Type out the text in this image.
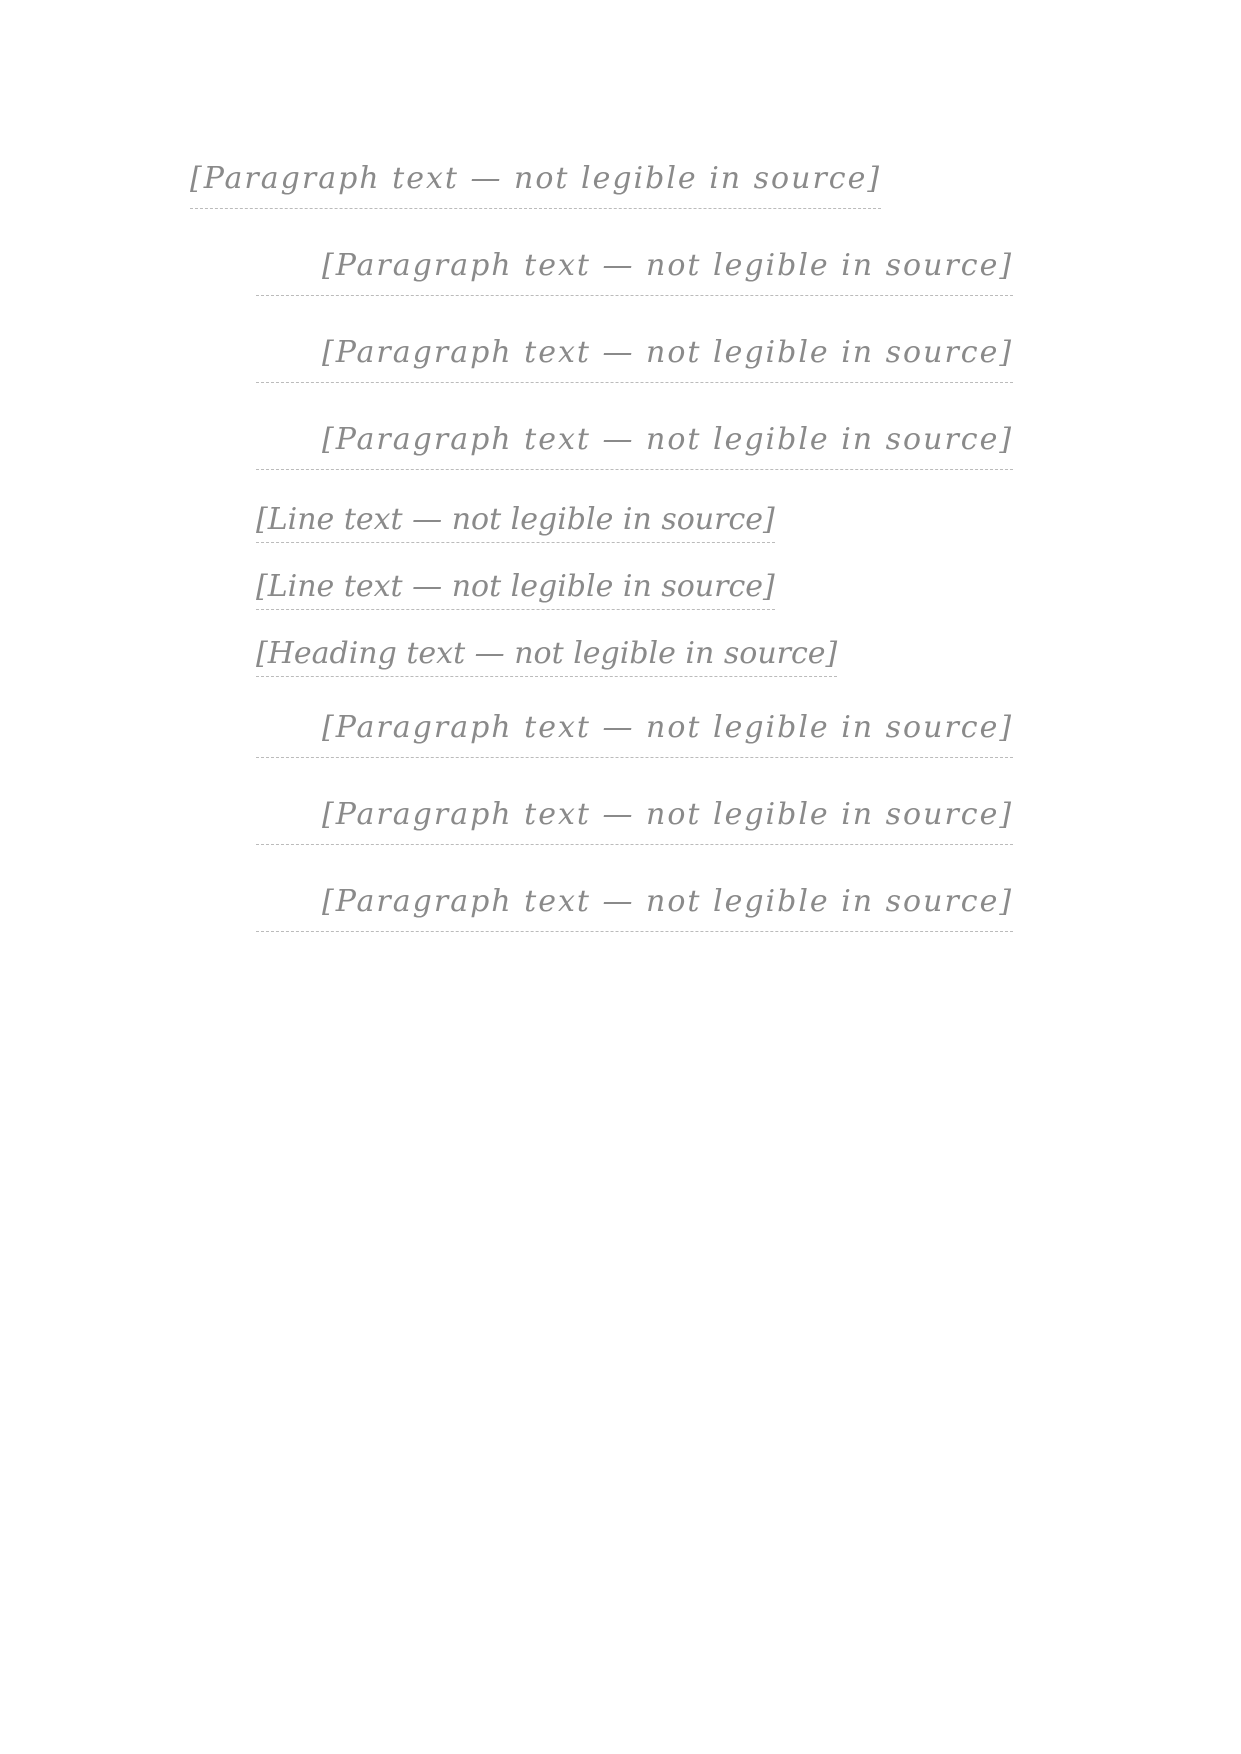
[Paragraph text — not legible in source]

[Paragraph text — not legible in source]

[Paragraph text — not legible in source]

[Paragraph text — not legible in source]

[Line text — not legible in source]
[Line text — not legible in source]
[Heading text — not legible in source]

[Paragraph text — not legible in source]

[Paragraph text — not legible in source]

[Paragraph text — not legible in source]
